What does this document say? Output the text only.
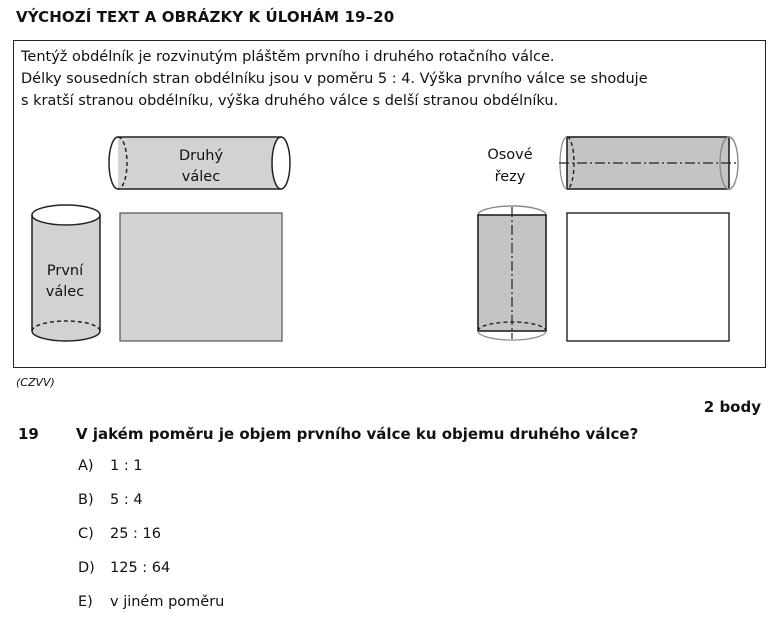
VÝCHOZÍ TEXT A OBRÁZKY K ÚLOHÁM 19–20
Tentýž obdélník je rozvinutým pláštěm prvního i druhého rotačního válce.
Délky sousedních stran obdélníku jsou v poměru 5 : 4. Výška prvního válce se shoduje
s kratší stranou obdélníku, výška druhého válce s delší stranou obdélníku.
Druhý
válec
První
válec
Osové
řezy
(CZVV)
2 body
19 V jakém poměru je objem prvního válce ku objemu druhého válce?
A)	1 : 1
B)	5 : 4
C)	25 : 16
D)	125 : 64
E)	v jiném poměru
